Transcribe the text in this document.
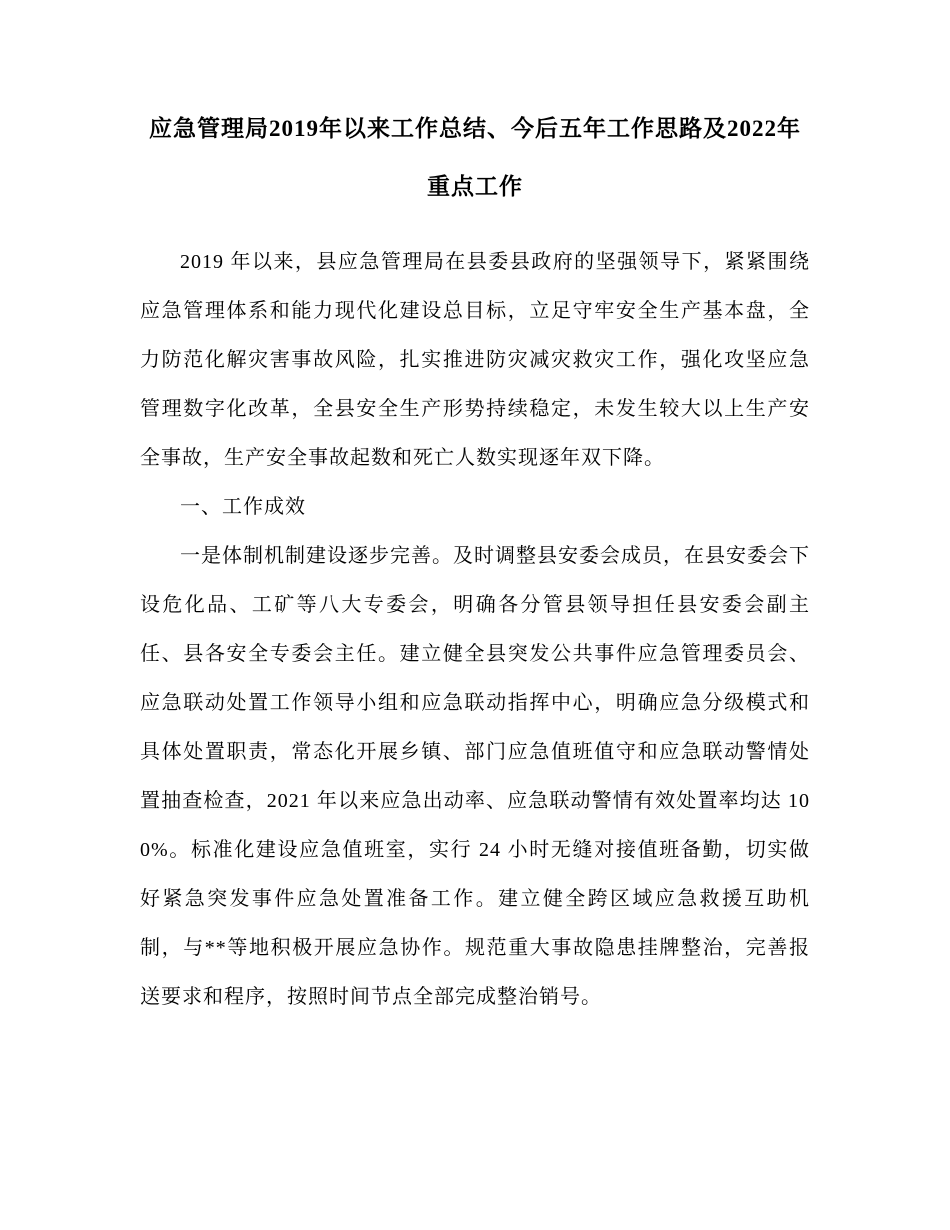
应急管理局2019年以来工作总结、今后五年工作思路及2022年重点工作

2019 年以来，县应急管理局在县委县政府的坚强领导下，紧紧围绕应急管理体系和能力现代化建设总目标，立足守牢安全生产基本盘，全力防范化解灾害事故风险，扎实推进防灾减灾救灾工作，强化攻坚应急管理数字化改革，全县安全生产形势持续稳定，未发生较大以上生产安全事故，生产安全事故起数和死亡人数实现逐年双下降。

一、工作成效

一是体制机制建设逐步完善。及时调整县安委会成员，在县安委会下设危化品、工矿等八大专委会，明确各分管县领导担任县安委会副主任、县各安全专委会主任。建立健全县突发公共事件应急管理委员会、应急联动处置工作领导小组和应急联动指挥中心，明确应急分级模式和具体处置职责，常态化开展乡镇、部门应急值班值守和应急联动警情处置抽查检查，2021 年以来应急出动率、应急联动警情有效处置率均达 100%。标准化建设应急值班室，实行 24 小时无缝对接值班备勤，切实做好紧急突发事件应急处置准备工作。建立健全跨区域应急救援互助机制，与**等地积极开展应急协作。规范重大事故隐患挂牌整治，完善报送要求和程序，按照时间节点全部完成整治销号。
